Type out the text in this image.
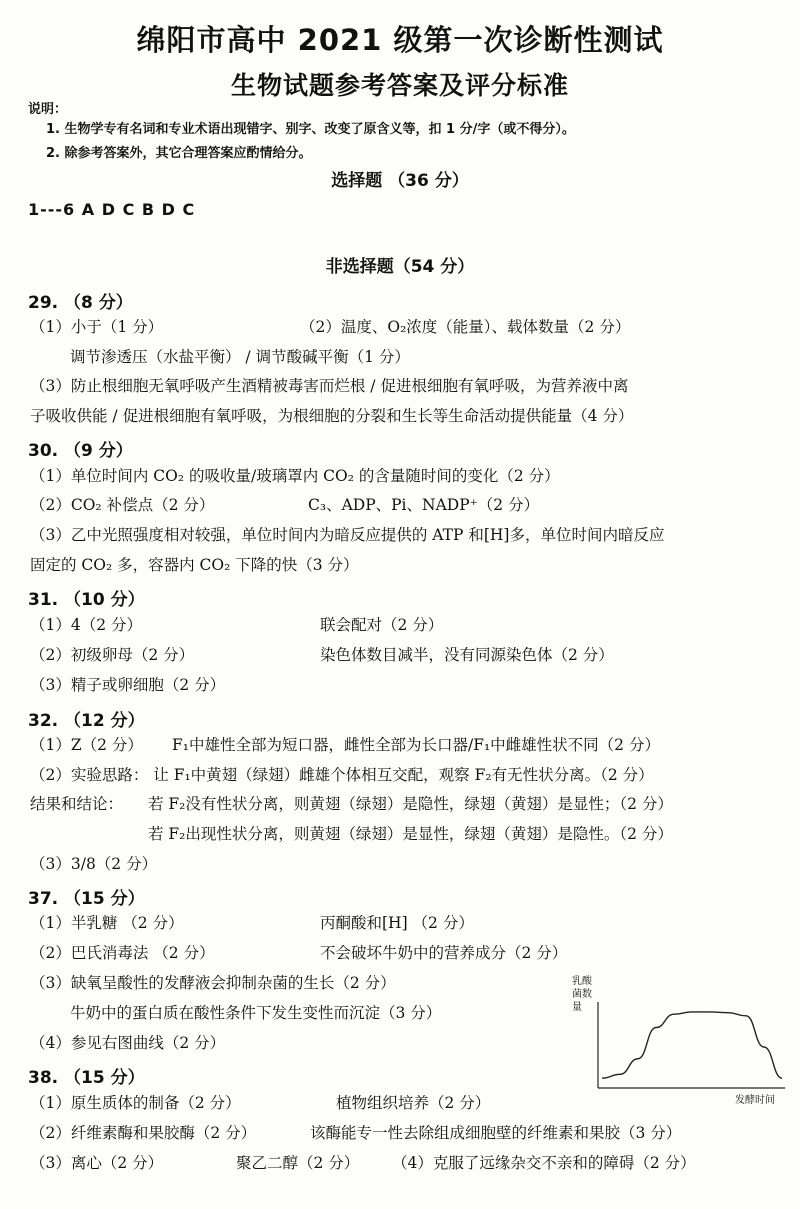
绵阳市高中 2021 级第一次诊断性测试
生物试题参考答案及评分标准
说明：
1. 生物学专有名词和专业术语出现错字、别字、改变了原含义等，扣 1 分/字（或不得分）。
2. 除参考答案外，其它合理答案应酌情给分。
选择题 （36 分）
1---6 A D C B D C
非选择题（54 分）
29. （8 分）
（1）小于（1 分）	（2）温度、O₂浓度（能量）、载体数量（2 分）
调节渗透压（水盐平衡） / 调节酸碱平衡（1 分）
（3）防止根细胞无氧呼吸产生酒精被毒害而烂根 / 促进根细胞有氧呼吸，为营养液中离
子吸收供能 / 促进根细胞有氧呼吸，为根细胞的分裂和生长等生命活动提供能量（4 分）
30. （9 分）
（1）单位时间内 CO₂ 的吸收量/玻璃罩内 CO₂ 的含量随时间的变化（2 分）
（2）CO₂ 补偿点（2 分）	C₃、ADP、Pi、NADP⁺（2 分）
（3）乙中光照强度相对较强，单位时间内为暗反应提供的 ATP 和[H]多，单位时间内暗反应
固定的 CO₂ 多，容器内 CO₂ 下降的快（3 分）
31. （10 分）
（1）4（2 分）	联会配对（2 分）
（2）初级卵母（2 分）	染色体数目减半，没有同源染色体（2 分）
（3）精子或卵细胞（2 分）
32. （12 分）
（1）Z（2 分） F₁中雄性全部为短口器，雌性全部为长口器/F₁中雌雄性状不同（2 分）
（2）实验思路： 让 F₁中黄翅（绿翅）雌雄个体相互交配，观察 F₂有无性状分离。（2 分）
结果和结论： 若 F₂没有性状分离，则黄翅（绿翅）是隐性，绿翅（黄翅）是显性；（2 分）
若 F₂出现性状分离，则黄翅（绿翅）是显性，绿翅（黄翅）是隐性。（2 分）
（3）3/8（2 分）
37. （15 分）
（1）半乳糖 （2 分）	丙酮酸和[H] （2 分）
（2）巴氏消毒法 （2 分）	不会破坏牛奶中的营养成分（2 分）
（3）缺氧呈酸性的发酵液会抑制杂菌的生长（2 分）
牛奶中的蛋白质在酸性条件下发生变性而沉淀（3 分）
（4）参见右图曲线（2 分）
乳酸菌数量
发酵时间
38. （15 分）
（1）原生质体的制备（2 分）	植物组织培养（2 分）
（2）纤维素酶和果胶酶（2 分）	该酶能专一性去除组成细胞壁的纤维素和果胶（3 分）
（3）离心（2 分）	聚乙二醇（2 分） （4）克服了远缘杂交不亲和的障碍（2 分）
